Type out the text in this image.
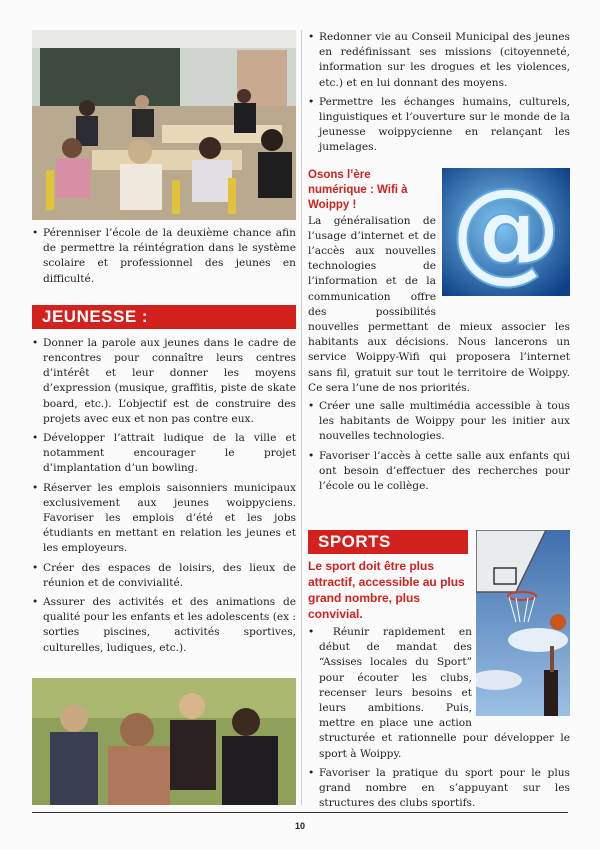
• Pérenniser l’école de la deuxième chance afin de permettre la réintégration dans le système scolaire et professionnel des jeunes en difficulté.

JEUNESSE :

• Donner la parole aux jeunes dans le cadre de rencontres pour connaître leurs centres d’intérêt et leur donner les moyens d’expression (musique, graffitis, piste de skate board, etc.). L’objectif est de construire des projets avec eux et non pas contre eux.

• Développer l’attrait ludique de la ville et notamment encourager le projet d’implantation d’un bowling.

• Réserver les emplois saisonniers municipaux exclusivement aux jeunes woippyciens. Favoriser les emplois d’été et les jobs étudiants en mettant en relation les jeunes et les employeurs.

• Créer des espaces de loisirs, des lieux de réunion et de convivialité.

• Assurer des activités et des animations de qualité pour les enfants et les adolescents (ex : sorties piscines, activités sportives, culturelles, ludiques, etc.).

• Redonner vie au Conseil Municipal des jeunes en redéfinissant ses missions (citoyenneté, information sur les drogues et les violences, etc.) et en lui donnant des moyens.

• Permettre les échanges humains, culturels, linguistiques et l’ouverture sur le monde de la jeunesse woippycienne en relançant les jumelages.

@
Osons l’ère numérique : Wifi à Woippy !

La généralisation de l’usage d’internet et de l’accès aux nouvelles technologies de l’information et de la communication offre des possibilités nouvelles permettant de mieux associer les habitants aux décisions. Nous lancerons un service Woippy-Wifi qui proposera l’internet sans fil, gratuit sur tout le territoire de Woippy. Ce sera l’une de nos priorités.

• Créer une salle multimédia accessible à tous les habitants de Woippy pour les initier aux nouvelles technologies.

• Favoriser l’accès à cette salle aux enfants qui ont besoin d’effectuer des recherches pour l’école ou le collège.

SPORTS
Le sport doit être plus attractif, accessible au plus grand nombre, plus convivial.

• Réunir rapidement en début de mandat des “Assises locales du Sport” pour écouter les clubs, recenser leurs besoins et leurs ambitions. Puis, mettre en place une action structurée et rationnelle pour développer le sport à Woippy.

• Favoriser la pratique du sport pour le plus grand nombre en s’appuyant sur les structures des clubs sportifs.

10
